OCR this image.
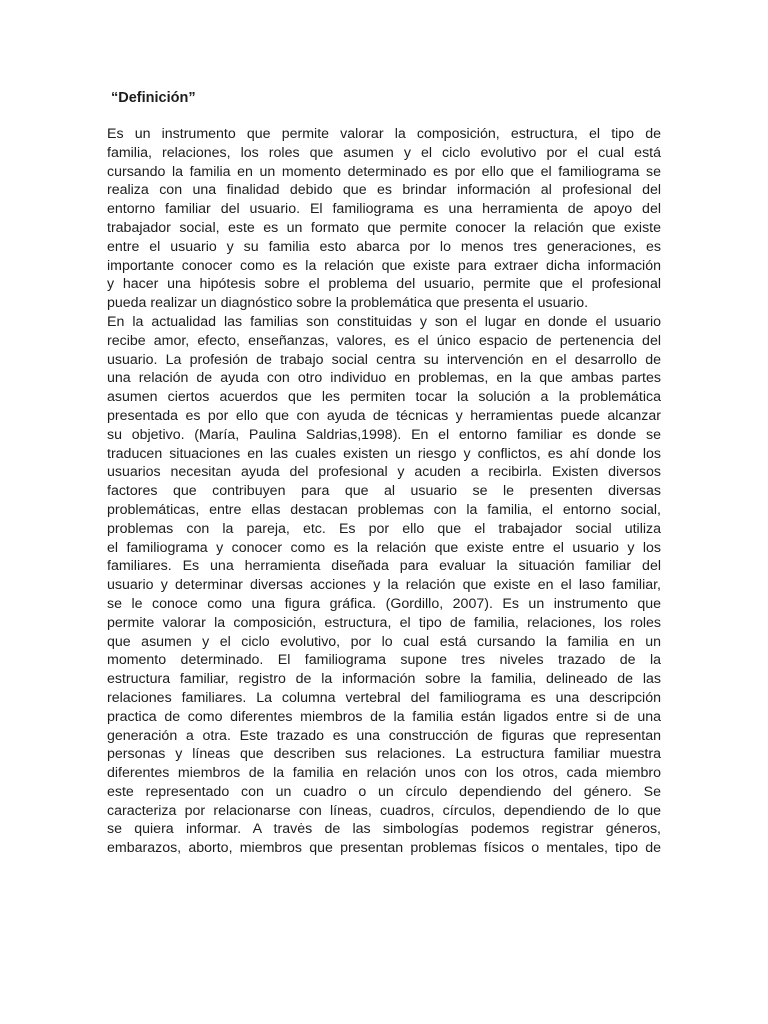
“Definición”
Es un instrumento que permite valorar la composición, estructura, el tipo de
familia, relaciones, los roles que asumen y el ciclo evolutivo por el cual está
cursando la familia en un momento determinado es por ello que el familiograma se
realiza con una finalidad debido que es brindar información al profesional del
entorno familiar del usuario. El familiograma es una herramienta de apoyo del
trabajador social, este es un formato que permite conocer la relación que existe
entre el usuario y su familia esto abarca por lo menos tres generaciones, es
importante conocer como es la relación que existe para extraer dicha información
y hacer una hipótesis sobre el problema del usuario, permite que el profesional
pueda realizar un diagnóstico sobre la problemática que presenta el usuario.
En la actualidad las familias son constituidas y son el lugar en donde el usuario
recibe amor, efecto, enseñanzas, valores, es el único espacio de pertenencia del
usuario. La profesión de trabajo social centra su intervención en el desarrollo de
una relación de ayuda con otro individuo en problemas, en la que ambas partes
asumen ciertos acuerdos que les permiten tocar la solución a la problemática
presentada es por ello que con ayuda de técnicas y herramientas puede alcanzar
su objetivo. (María, Paulina Saldrias,1998). En el entorno familiar es donde se
traducen situaciones en las cuales existen un riesgo y conflictos, es ahí donde los
usuarios necesitan ayuda del profesional y acuden a recibirla. Existen diversos
factores que contribuyen para que al usuario se le presenten diversas
problemáticas, entre ellas destacan problemas con la familia, el entorno social,
problemas con la pareja, etc. Es por ello que el trabajador social utiliza
el familiograma y conocer como es la relación que existe entre el usuario y los
familiares. Es una herramienta diseñada para evaluar la situación familiar del
usuario y determinar diversas acciones y la relación que existe en el laso familiar,
se le conoce como una figura gráfica. (Gordillo, 2007). Es un instrumento que
permite valorar la composición, estructura, el tipo de familia, relaciones, los roles
que asumen y el ciclo evolutivo, por lo cual está cursando la familia en un
momento determinado. El familiograma supone tres niveles trazado de la
estructura familiar, registro de la información sobre la familia, delineado de las
relaciones familiares. La columna vertebral del familiograma es una descripción
practica de como diferentes miembros de la familia están ligados entre si de una
generación a otra. Este trazado es una construcción de figuras que representan
personas y líneas que describen sus relaciones. La estructura familiar muestra
diferentes miembros de la familia en relación unos con los otros, cada miembro
este representado con un cuadro o un círculo dependiendo del género. Se
caracteriza por relacionarse con líneas, cuadros, círculos, dependiendo de lo que
se quiera informar. A travės de las simbologías podemos registrar géneros,
embarazos, aborto, miembros que presentan problemas físicos o mentales, tipo de
